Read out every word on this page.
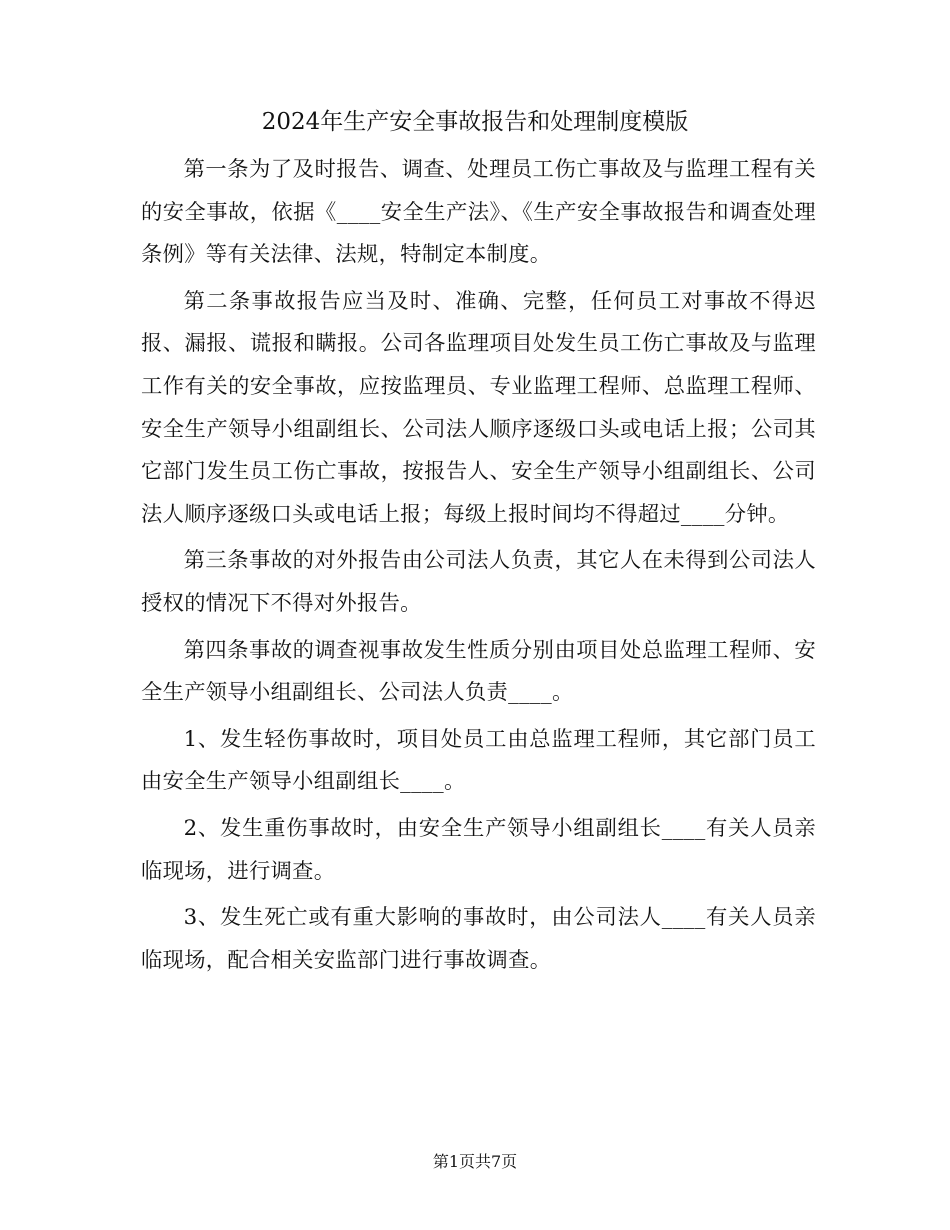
2024年生产安全事故报告和处理制度模版

第一条为了及时报告、调查、处理员工伤亡事故及与监理工程有关的安全事故，依据《____安全生产法》、《生产安全事故报告和调查处理条例》等有关法律、法规，特制定本制度。

第二条事故报告应当及时、准确、完整，任何员工对事故不得迟报、漏报、谎报和瞒报。公司各监理项目处发生员工伤亡事故及与监理工作有关的安全事故，应按监理员、专业监理工程师、总监理工程师、安全生产领导小组副组长、公司法人顺序逐级口头或电话上报；公司其它部门发生员工伤亡事故，按报告人、安全生产领导小组副组长、公司法人顺序逐级口头或电话上报；每级上报时间均不得超过____分钟。

第三条事故的对外报告由公司法人负责，其它人在未得到公司法人授权的情况下不得对外报告。

第四条事故的调查视事故发生性质分别由项目处总监理工程师、安全生产领导小组副组长、公司法人负责____。

1、发生轻伤事故时，项目处员工由总监理工程师，其它部门员工由安全生产领导小组副组长____。

2、发生重伤事故时，由安全生产领导小组副组长____有关人员亲临现场，进行调查。

3、发生死亡或有重大影响的事故时，由公司法人____有关人员亲临现场，配合相关安监部门进行事故调查。

第1页共7页
